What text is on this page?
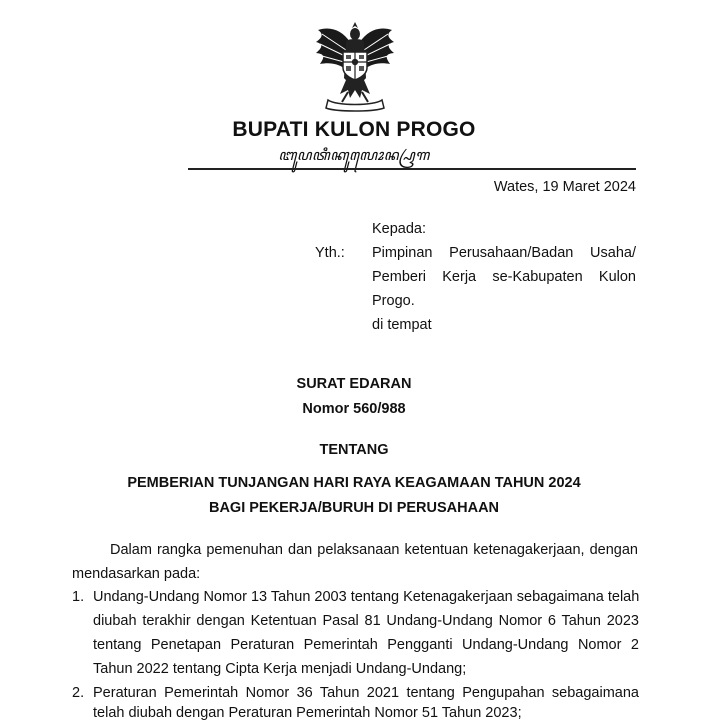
BUPATI KULON PROGO
ꦧꦸꦥꦠꦶꦏꦸꦭꦺꦴꦤ꧀ꦥꦿꦒ
Wates, 19 Maret 2024
Kepada:
Yth.: Pimpinan Perusahaan/Badan Usaha/
Pemberi Kerja se-Kabupaten Kulon
Progo.
di tempat
SURAT EDARAN
Nomor 560/988
TENTANG
PEMBERIAN TUNJANGAN HARI RAYA KEAGAMAAN TAHUN 2024
BAGI PEKERJA/BURUH DI PERUSAHAAN
Dalam rangka pemenuhan dan pelaksanaan ketentuan ketenagakerjaan, dengan
mendasarkan pada:
1. Undang-Undang Nomor 13 Tahun 2003 tentang Ketenagakerjaan sebagaimana telah
diubah terakhir dengan Ketentuan Pasal 81 Undang-Undang Nomor 6 Tahun 2023
tentang Penetapan Peraturan Pemerintah Pengganti Undang-Undang Nomor 2
Tahun 2022 tentang Cipta Kerja menjadi Undang-Undang;
2. Peraturan Pemerintah Nomor 36 Tahun 2021 tentang Pengupahan sebagaimana
telah diubah dengan Peraturan Pemerintah Nomor 51 Tahun 2023;
